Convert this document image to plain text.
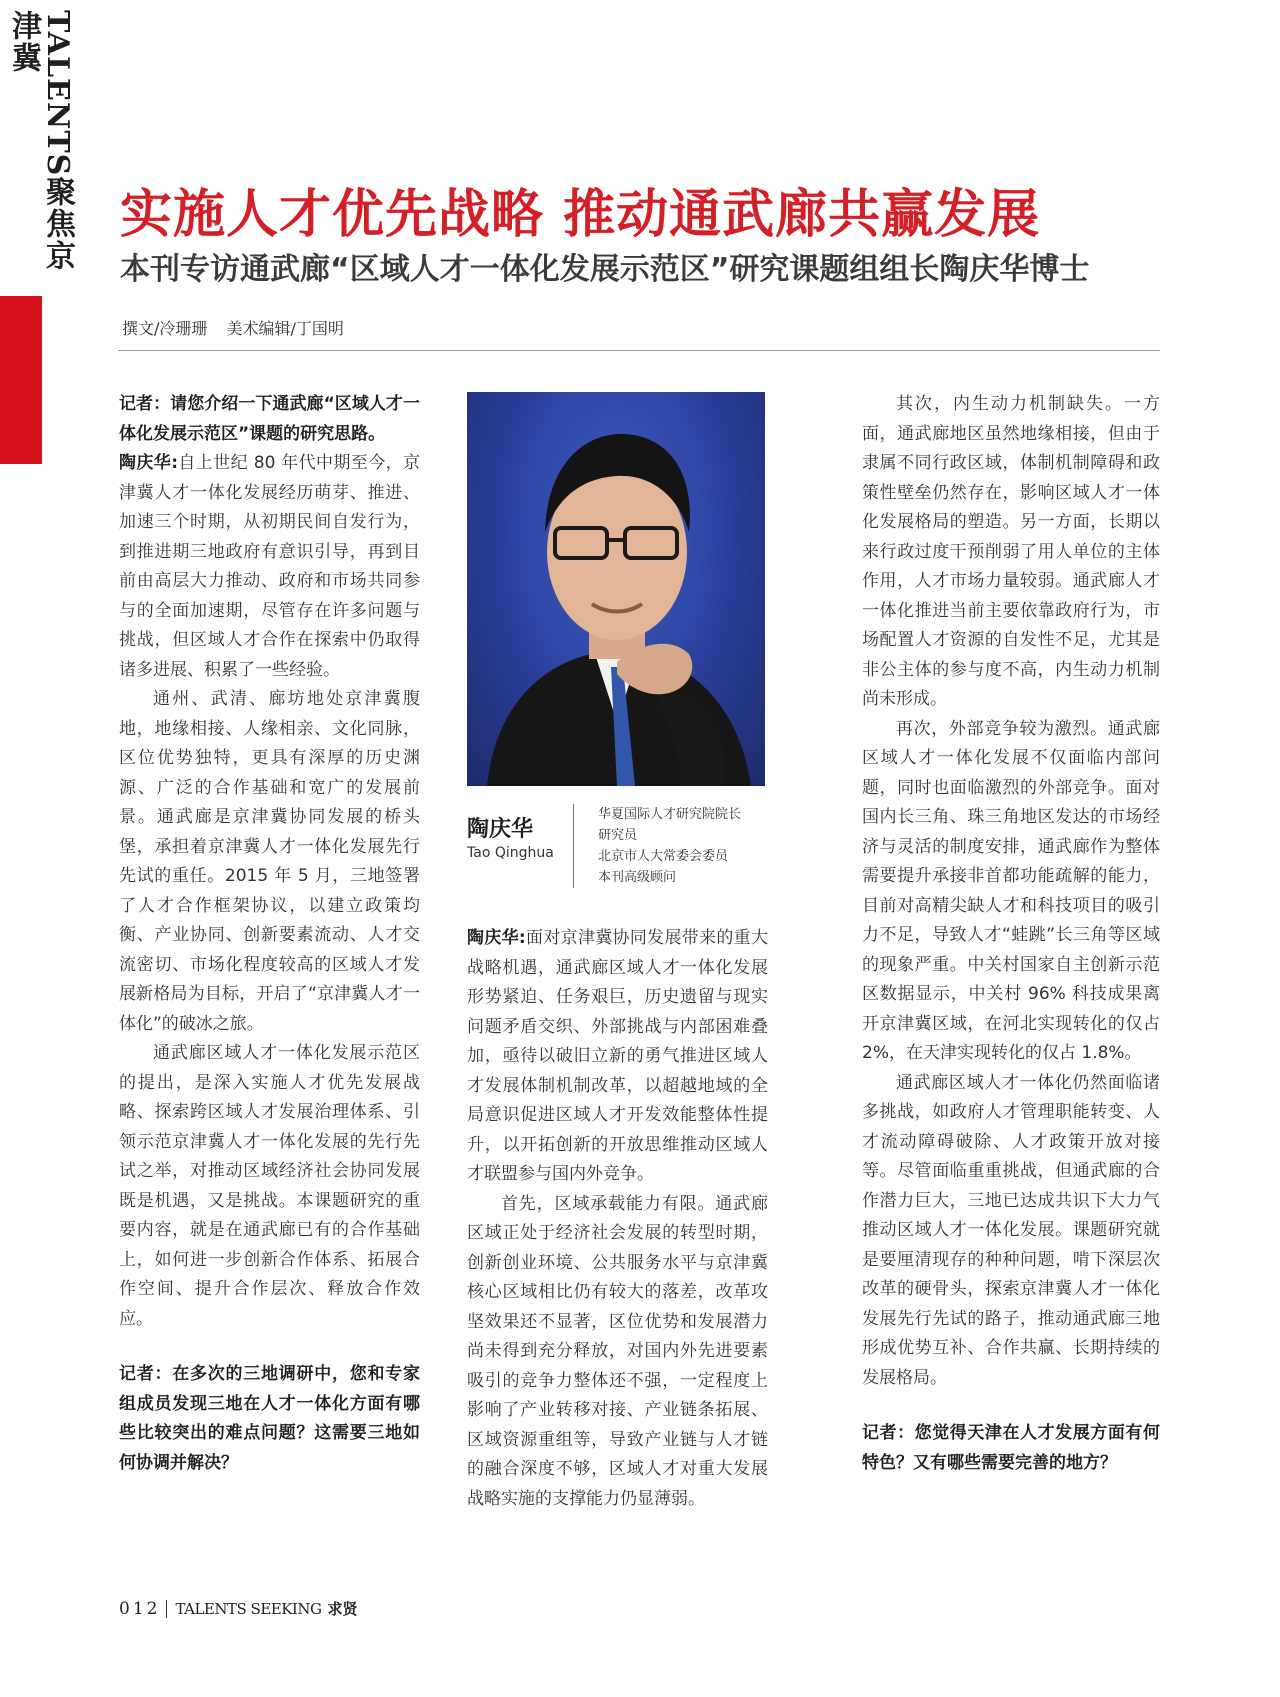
TALENTS聚焦京津冀
实施人才优先战略 推动通武廊共赢发展
本刊专访通武廊“区域人才一体化发展示范区”研究课题组组长陶庆华博士
撰文/冷珊珊 美术编辑/丁国明

记者：请您介绍一下通武廊“区域人才一体化发展示范区”课题的研究思路。

陶庆华:自上世纪 80 年代中期至今，京津冀人才一体化发展经历萌芽、推进、加速三个时期，从初期民间自发行为，到推进期三地政府有意识引导，再到目前由高层大力推动、政府和市场共同参与的全面加速期，尽管存在许多问题与挑战，但区域人才合作在探索中仍取得诸多进展、积累了一些经验。

通州、武清、廊坊地处京津冀腹地，地缘相接、人缘相亲、文化同脉，区位优势独特，更具有深厚的历史渊源、广泛的合作基础和宽广的发展前景。通武廊是京津冀协同发展的桥头堡，承担着京津冀人才一体化发展先行先试的重任。2015 年 5 月，三地签署了人才合作框架协议，以建立政策均衡、产业协同、创新要素流动、人才交流密切、市场化程度较高的区域人才发展新格局为目标，开启了“京津冀人才一体化”的破冰之旅。

通武廊区域人才一体化发展示范区的提出，是深入实施人才优先发展战略、探索跨区域人才发展治理体系、引领示范京津冀人才一体化发展的先行先试之举，对推动区域经济社会协同发展既是机遇，又是挑战。本课题研究的重要内容，就是在通武廊已有的合作基础上，如何进一步创新合作体系、拓展合作空间、提升合作层次、释放合作效应。

记者：在多次的三地调研中，您和专家组成员发现三地在人才一体化方面有哪些比较突出的难点问题？这需要三地如何协调并解决？

陶庆华
Tao Qinghua
华夏国际人才研究院院长
研究员
北京市人大常委会委员
本刊高级顾问

陶庆华:面对京津冀协同发展带来的重大战略机遇，通武廊区域人才一体化发展形势紧迫、任务艰巨，历史遗留与现实问题矛盾交织、外部挑战与内部困难叠加，亟待以破旧立新的勇气推进区域人才发展体制机制改革，以超越地域的全局意识促进区域人才开发效能整体性提升，以开拓创新的开放思维推动区域人才联盟参与国内外竞争。

首先，区域承载能力有限。通武廊区域正处于经济社会发展的转型时期，创新创业环境、公共服务水平与京津冀核心区域相比仍有较大的落差，改革攻坚效果还不显著，区位优势和发展潜力尚未得到充分释放，对国内外先进要素吸引的竞争力整体还不强，一定程度上影响了产业转移对接、产业链条拓展、区域资源重组等，导致产业链与人才链的融合深度不够，区域人才对重大发展战略实施的支撑能力仍显薄弱。

其次，内生动力机制缺失。一方面，通武廊地区虽然地缘相接，但由于隶属不同行政区域，体制机制障碍和政策性壁垒仍然存在，影响区域人才一体化发展格局的塑造。另一方面，长期以来行政过度干预削弱了用人单位的主体作用，人才市场力量较弱。通武廊人才一体化推进当前主要依靠政府行为，市场配置人才资源的自发性不足，尤其是非公主体的参与度不高，内生动力机制尚未形成。

再次，外部竞争较为激烈。通武廊区域人才一体化发展不仅面临内部问题，同时也面临激烈的外部竞争。面对国内长三角、珠三角地区发达的市场经济与灵活的制度安排，通武廊作为整体需要提升承接非首都功能疏解的能力，目前对高精尖缺人才和科技项目的吸引力不足，导致人才“蛙跳”长三角等区域的现象严重。中关村国家自主创新示范区数据显示，中关村 96% 科技成果离开京津冀区域，在河北实现转化的仅占 2%，在天津实现转化的仅占 1.8%。

通武廊区域人才一体化仍然面临诸多挑战，如政府人才管理职能转变、人才流动障碍破除、人才政策开放对接等。尽管面临重重挑战，但通武廊的合作潜力巨大，三地已达成共识下大力气推动区域人才一体化发展。课题研究就是要厘清现存的种种问题，啃下深层次改革的硬骨头，探索京津冀人才一体化发展先行先试的路子，推动通武廊三地形成优势互补、合作共赢、长期持续的发展格局。

记者：您觉得天津在人才发展方面有何特色？又有哪些需要完善的地方？

012 TALENTS SEEKING 求贤
